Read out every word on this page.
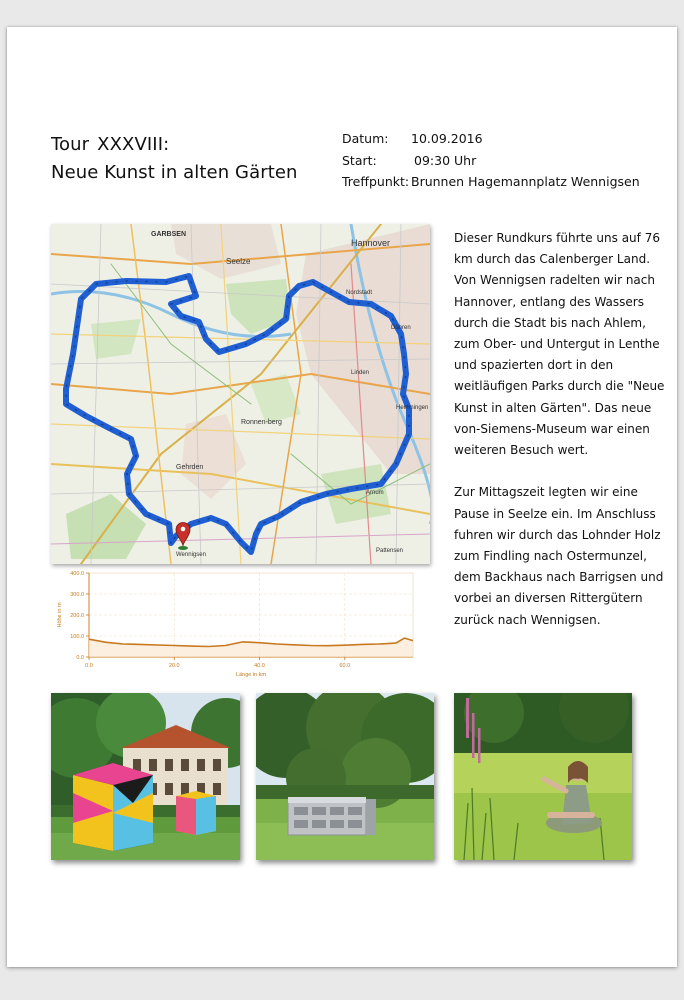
Tour XXXVIII:
Neue Kunst in alten Gärten
Datum:	10.09.2016
Start:	09:30 Uhr
Treffpunkt: Brunnen Hagemannplatz Wennigsen
GARBSEN
Seelze
Hannover
Ronnen-berg
Gehrden
Wennigsen
Hemmingen
Pattensen
Nordstadt
Linden
Döhren
Arnum
0.0
100.0
200.0
300.0
400.0
0.0	20.0	40.0	60.0
Länge in km
Höhe in m

Dieser Rundkurs führte uns auf 76 km durch das Calenberger Land. Von Wennigsen radelten wir nach Hannover, entlang des Wassers durch die Stadt bis nach Ahlem, zum Ober- und Untergut in Lenthe und spazierten dort in den weitläufigen Parks durch die "Neue Kunst in alten Gärten". Das neue von-Siemens-Museum war einen weiteren Besuch wert.

Zur Mittagszeit legten wir eine Pause in Seelze ein. Im Anschluss fuhren wir durch das Lohnder Holz zum Findling nach Ostermunzel, dem Backhaus nach Barrigsen und vorbei an diversen Rittergütern zurück nach Wennigsen.
